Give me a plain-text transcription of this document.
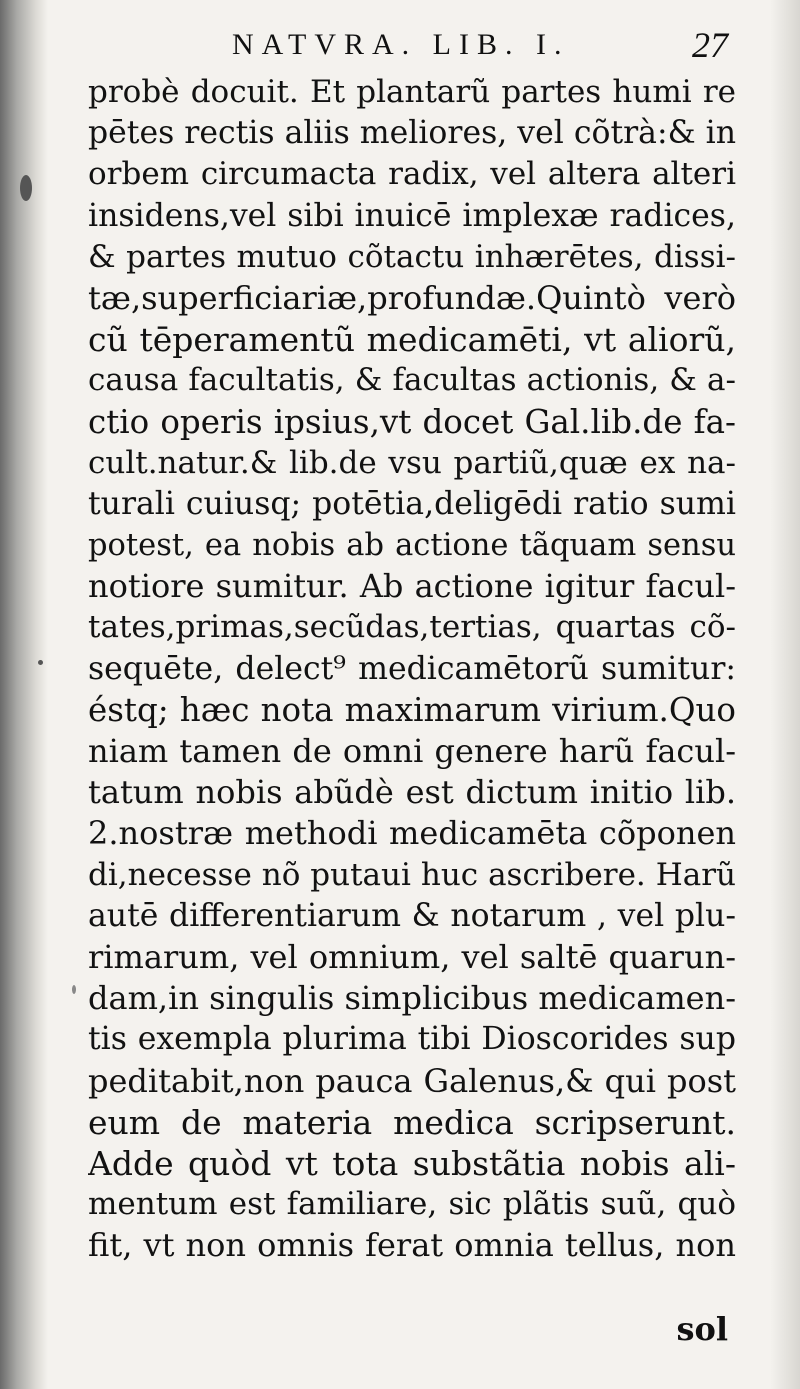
NATVRA. LIB. I.	27
probè docuit. Et plantarũ partes humi re
pētes rectis aliis meliores, vel cõtrà:& in
orbem circumacta radix, vel altera alteri
insidens,vel sibi inuicē implexæ radices,
& partes mutuo cõtactu inhærētes, dissi-
tæ,superficiariæ,profundæ.Quintò verò
cũ tēperamentũ medicamēti, vt aliorũ,
causa facultatis, & facultas actionis, & a-
ctio operis ipsius,vt docet Gal.lib.de fa-
cult.natur.& lib.de vsu partiũ,quæ ex na-
turali cuiusq; potētia,deligēdi ratio sumi
potest, ea nobis ab actione tãquam sensu
notiore sumitur. Ab actione igitur facul-
tates,primas,secũdas,tertias, quartas cõ-
sequēte, delect⁹ medicamētorũ sumitur:
éstq; hæc nota maximarum virium.Quo
niam tamen de omni genere harũ facul-
tatum nobis abũdè est dictum initio lib.
2.nostræ methodi medicamēta cõponen
di,necesse nõ putaui huc ascribere. Harũ
autē differentiarum & notarum , vel plu-
rimarum, vel omnium, vel saltē quarun-
dam,in singulis simplicibus medicamen-
tis exempla plurima tibi Dioscorides sup
peditabit,non pauca Galenus,& qui post
eum de materia medica scripserunt.
Adde quòd vt tota substãtia nobis ali-
mentum est familiare, sic plãtis suũ, quò
fit, vt non omnis ferat omnia tellus, non
sol
